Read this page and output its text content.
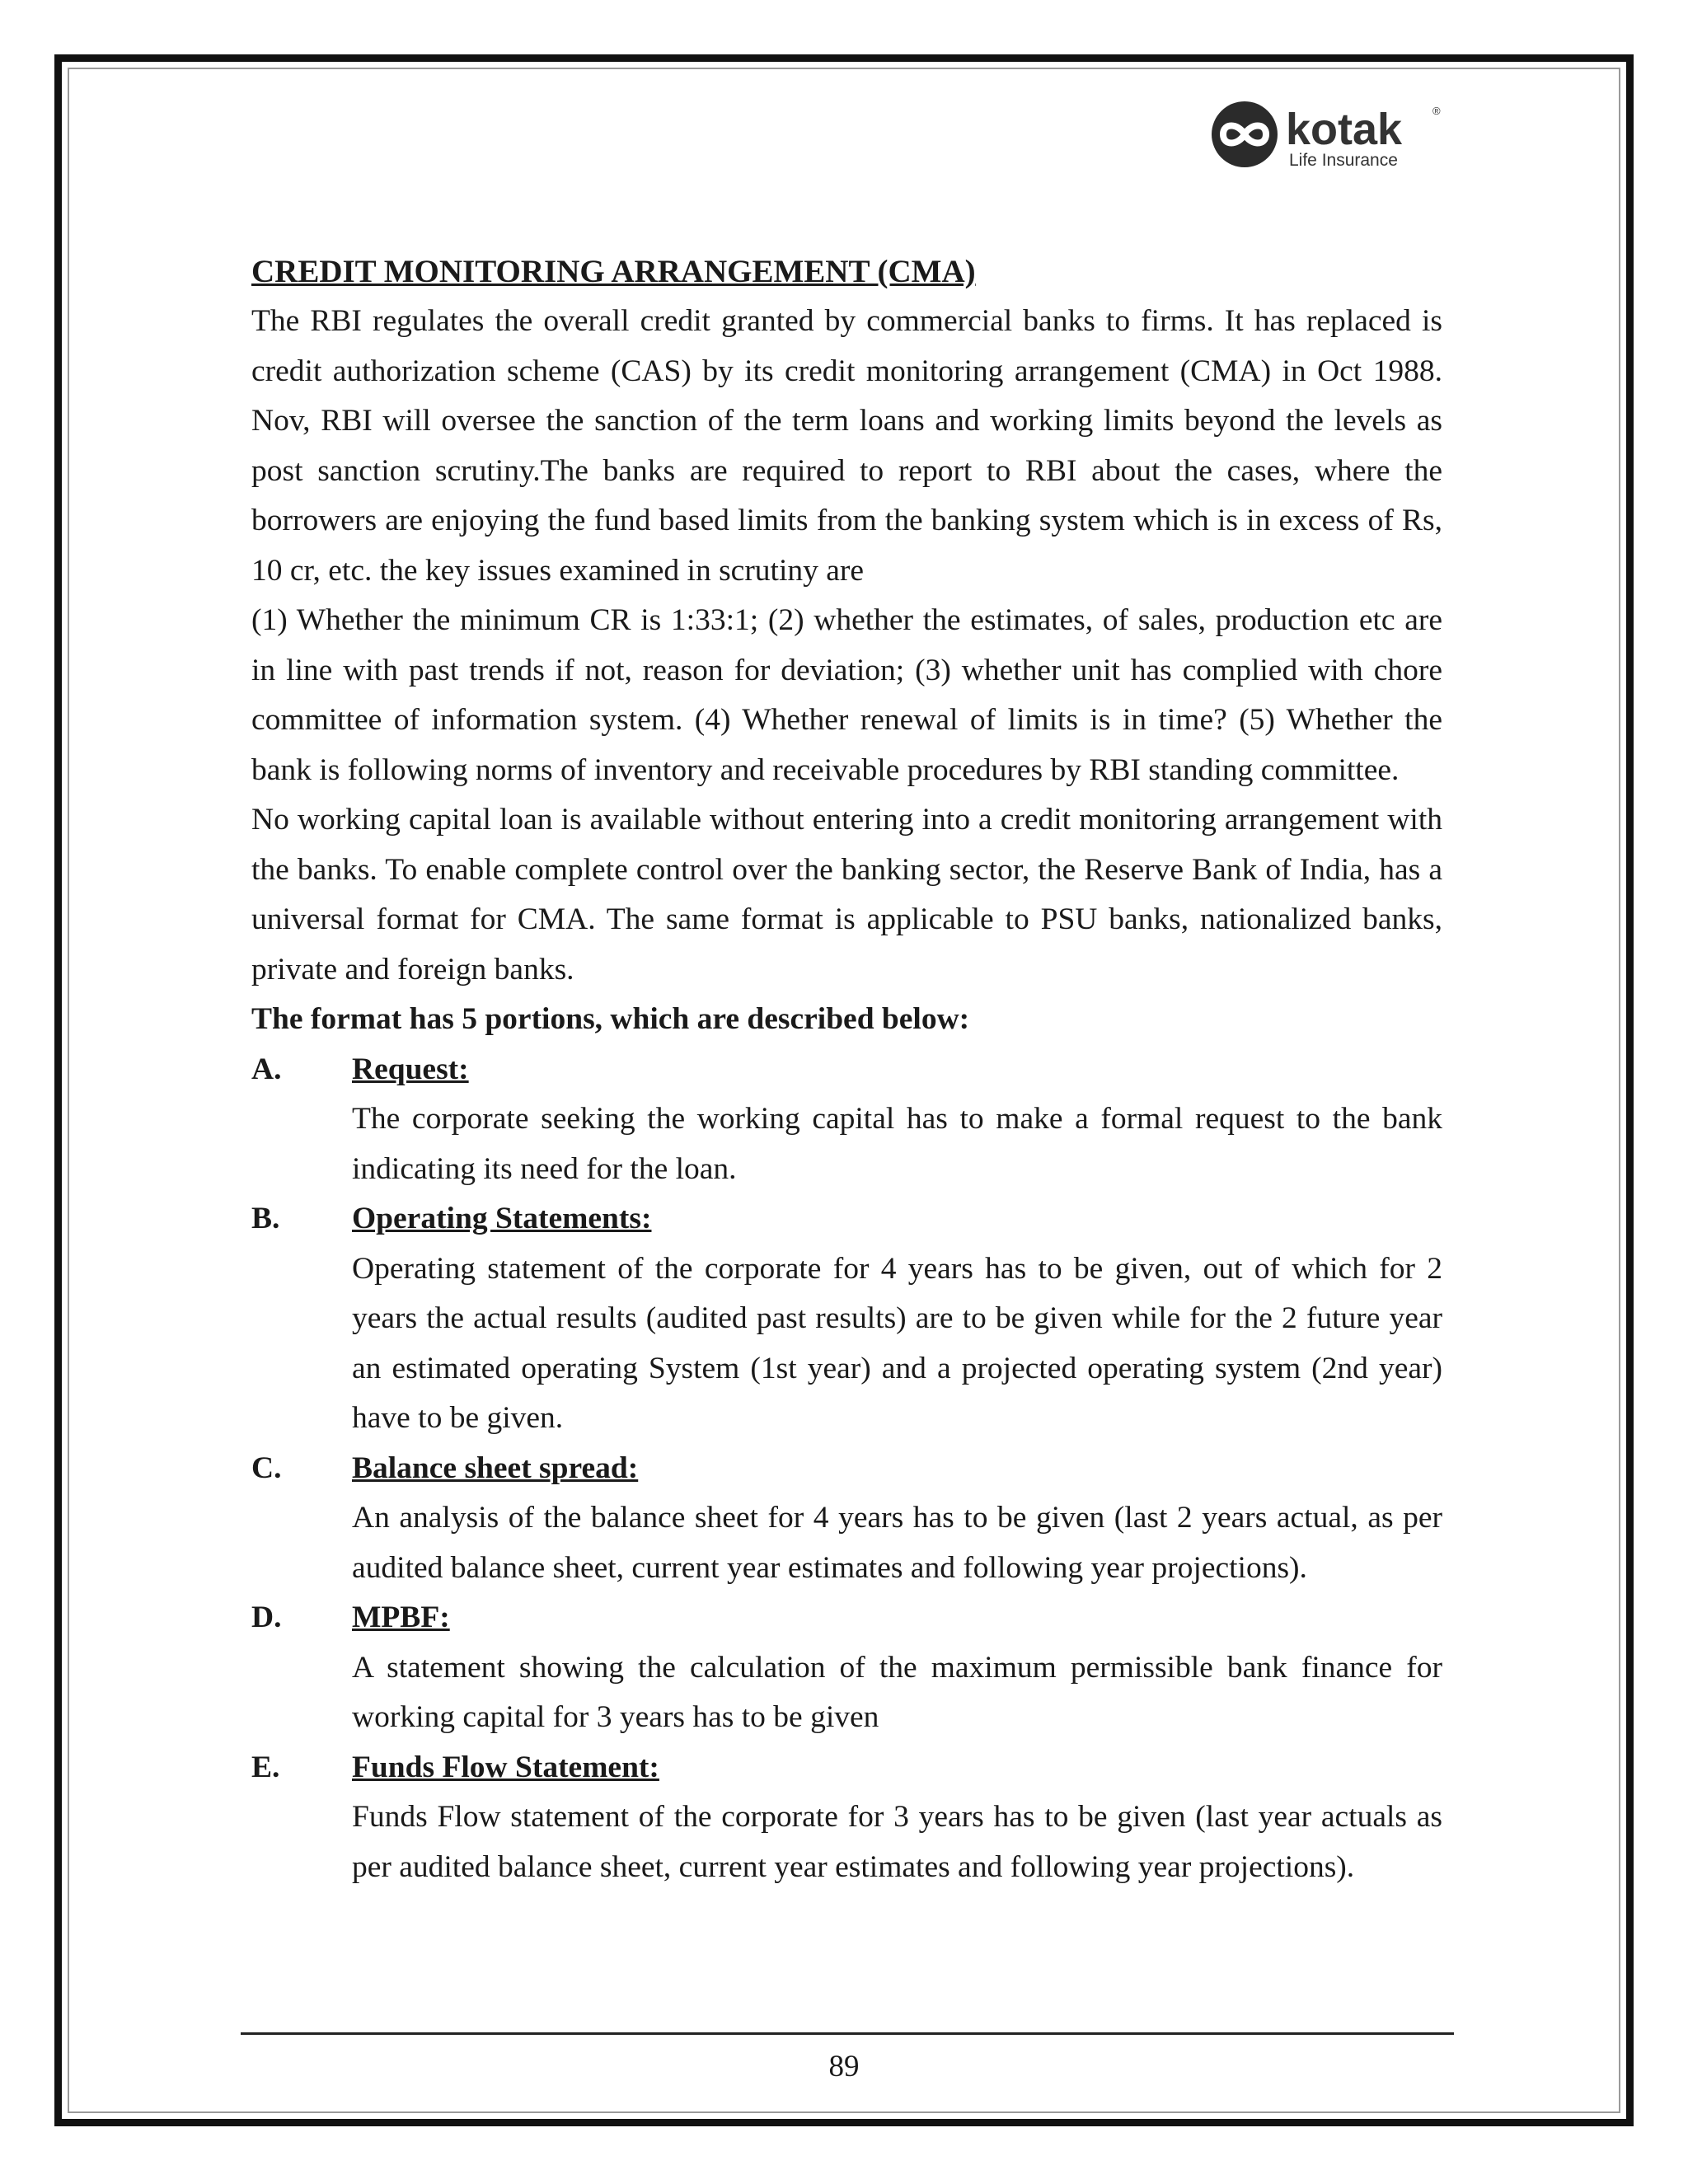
kotak	®
Life Insurance

CREDIT MONITORING ARRANGEMENT (CMA)

The RBI regulates the overall credit granted by commercial banks to firms. It has replaced is credit authorization scheme (CAS) by its credit monitoring arrangement (CMA) in Oct 1988. Nov, RBI will oversee the sanction of the term loans and working limits beyond the levels as post sanction scrutiny.The banks are required to report to RBI about the cases, where the borrowers are enjoying the fund based limits from the banking system which is in excess of Rs, 10 cr, etc. the key issues examined in scrutiny are

(1) Whether the minimum CR is 1:33:1; (2) whether the estimates, of sales, production etc are in line with past trends if not, reason for deviation; (3) whether unit has complied with chore committee of information system. (4) Whether renewal of limits is in time? (5) Whether the bank is following norms of inventory and receivable procedures by RBI standing committee.

No working capital loan is available without entering into a credit monitoring arrangement with the banks. To enable complete control over the banking sector, the Reserve Bank of India, has a universal format for CMA. The same format is applicable to PSU banks, nationalized banks, private and foreign banks.

The format has 5 portions, which are described below:

A.	Request:

The corporate seeking the working capital has to make a formal request to the bank indicating its need for the loan.

B.	Operating Statements:

Operating statement of the corporate for 4 years has to be given, out of which for 2 years the actual results (audited past results) are to be given while for the 2 future year an estimated operating System (1st year) and a projected operating system (2nd year) have to be given.

C.	Balance sheet spread:

An analysis of the balance sheet for 4 years has to be given (last 2 years actual, as per audited balance sheet, current year estimates and following year projections).

D.	MPBF:

A statement showing the calculation of the maximum permissible bank finance for working capital for 3 years has to be given

E.	Funds Flow Statement:

Funds Flow statement of the corporate for 3 years has to be given (last year actuals as per audited balance sheet, current year estimates and following year projections).

89
